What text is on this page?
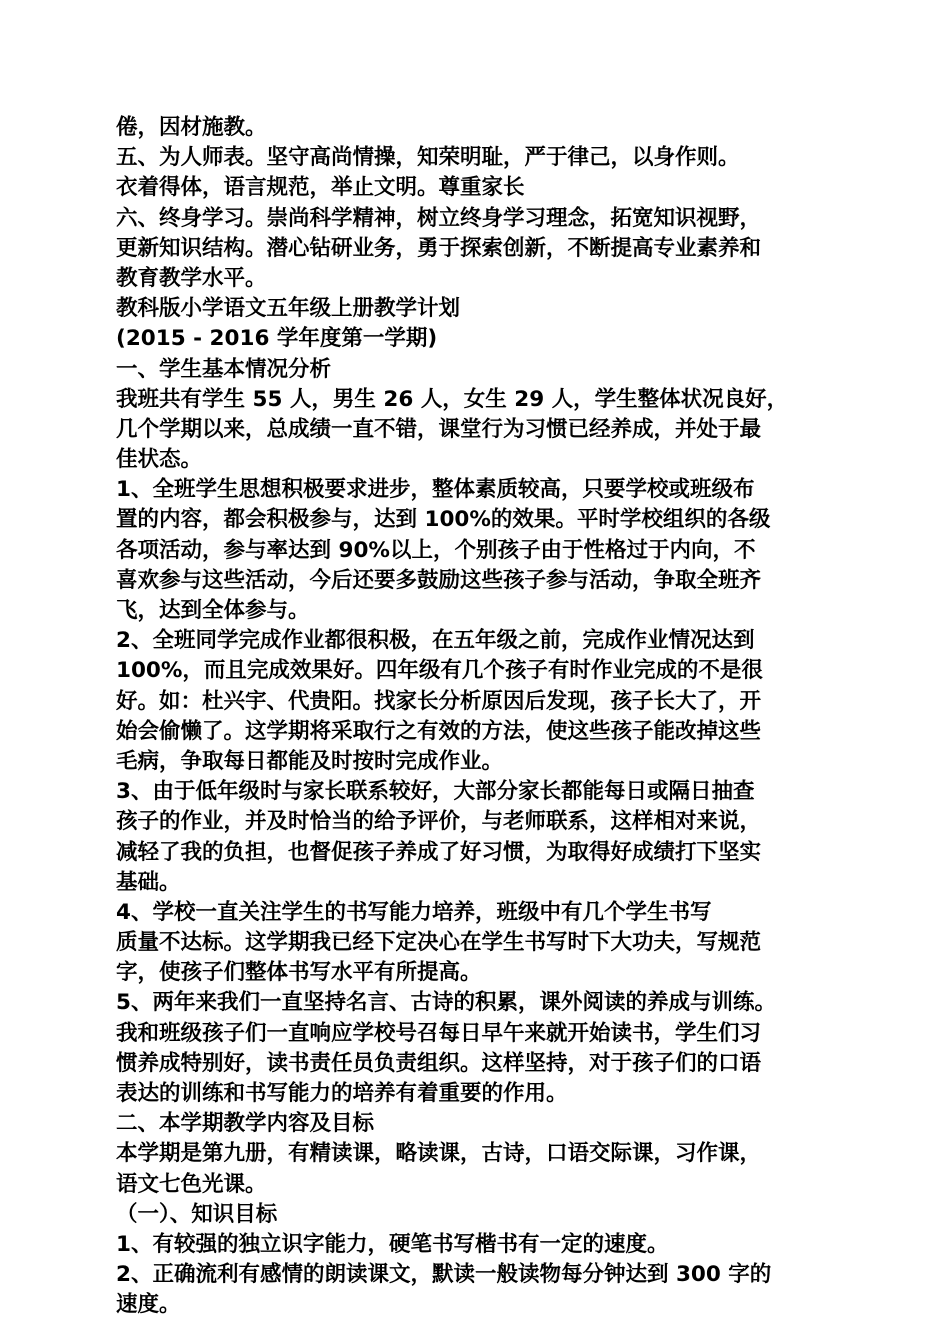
倦，因材施教。
五、为人师表。坚守高尚情操，知荣明耻，严于律己，以身作则。
衣着得体，语言规范，举止文明。尊重家长
六、终身学习。崇尚科学精神，树立终身学习理念，拓宽知识视野，
更新知识结构。潜心钻研业务，勇于探索创新，不断提高专业素养和
教育教学水平。
教科版小学语文五年级上册教学计划
(2015 - 2016 学年度第一学期)
一、学生基本情况分析
我班共有学生 55 人，男生 26 人，女生 29 人，学生整体状况良好，
几个学期以来，总成绩一直不错，课堂行为习惯已经养成，并处于最
佳状态。
1、全班学生思想积极要求进步，整体素质较高，只要学校或班级布
置的内容，都会积极参与，达到 100%的效果。平时学校组织的各级
各项活动，参与率达到 90%以上，个别孩子由于性格过于内向，不
喜欢参与这些活动，今后还要多鼓励这些孩子参与活动，争取全班齐
飞，达到全体参与。
2、全班同学完成作业都很积极，在五年级之前，完成作业情况达到
100%，而且完成效果好。四年级有几个孩子有时作业完成的不是很
好。如：杜兴宇、代贵阳。找家长分析原因后发现，孩子长大了，开
始会偷懒了。这学期将采取行之有效的方法，使这些孩子能改掉这些
毛病，争取每日都能及时按时完成作业。
3、由于低年级时与家长联系较好，大部分家长都能每日或隔日抽查
孩子的作业，并及时恰当的给予评价，与老师联系，这样相对来说，
减轻了我的负担，也督促孩子养成了好习惯，为取得好成绩打下坚实
基础。
4、学校一直关注学生的书写能力培养，班级中有几个学生书写
质量不达标。这学期我已经下定决心在学生书写时下大功夫，写规范
字，使孩子们整体书写水平有所提高。
5、两年来我们一直坚持名言、古诗的积累，课外阅读的养成与训练。
我和班级孩子们一直响应学校号召每日早午来就开始读书，学生们习
惯养成特别好，读书责任员负责组织。这样坚持，对于孩子们的口语
表达的训练和书写能力的培养有着重要的作用。
二、本学期教学内容及目标
本学期是第九册，有精读课，略读课，古诗，口语交际课，习作课，
语文七色光课。
（一）、知识目标
1、有较强的独立识字能力，硬笔书写楷书有一定的速度。
2、正确流利有感情的朗读课文，默读一般读物每分钟达到 300 字的
速度。
